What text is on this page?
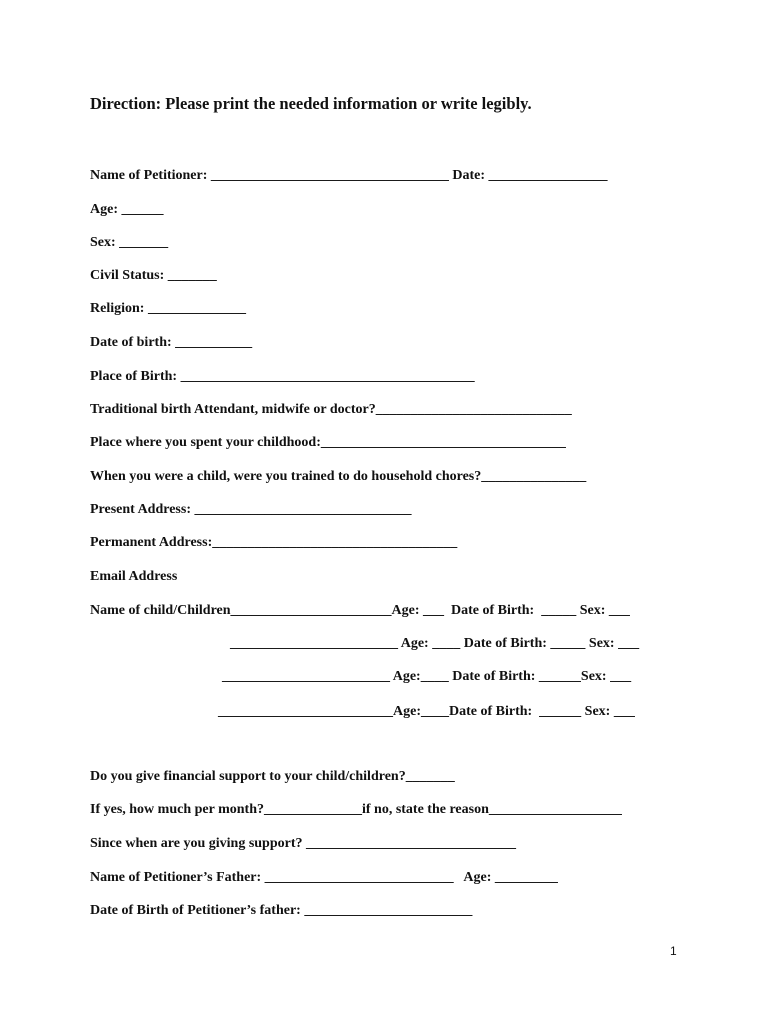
Direction: Please print the needed information or write legibly.
Name of Petitioner: __________________________________ Date: _________________
Age: ______
Sex: _______
Civil Status: _______
Religion: ______________
Date of birth: ___________
Place of Birth: __________________________________________
Traditional birth Attendant, midwife or doctor?____________________________
Place where you spent your childhood:___________________________________
When you were a child, were you trained to do household chores?_______________
Present Address: _______________________________
Permanent Address:___________________________________
Email Address
Name of child/Children_______________________Age: ___  Date of Birth:  _____ Sex: ___
________________________ Age: ____ Date of Birth: _____ Sex: ___
________________________ Age:____ Date of Birth: ______Sex: ___
_________________________Age:____Date of Birth:  ______ Sex: ___
Do you give financial support to your child/children?_______
If yes, how much per month?______________if no, state the reason___________________
Since when are you giving support? ______________________________
Name of Petitioner’s Father: ___________________________   Age: _________
Date of Birth of Petitioner’s father: ________________________
1
